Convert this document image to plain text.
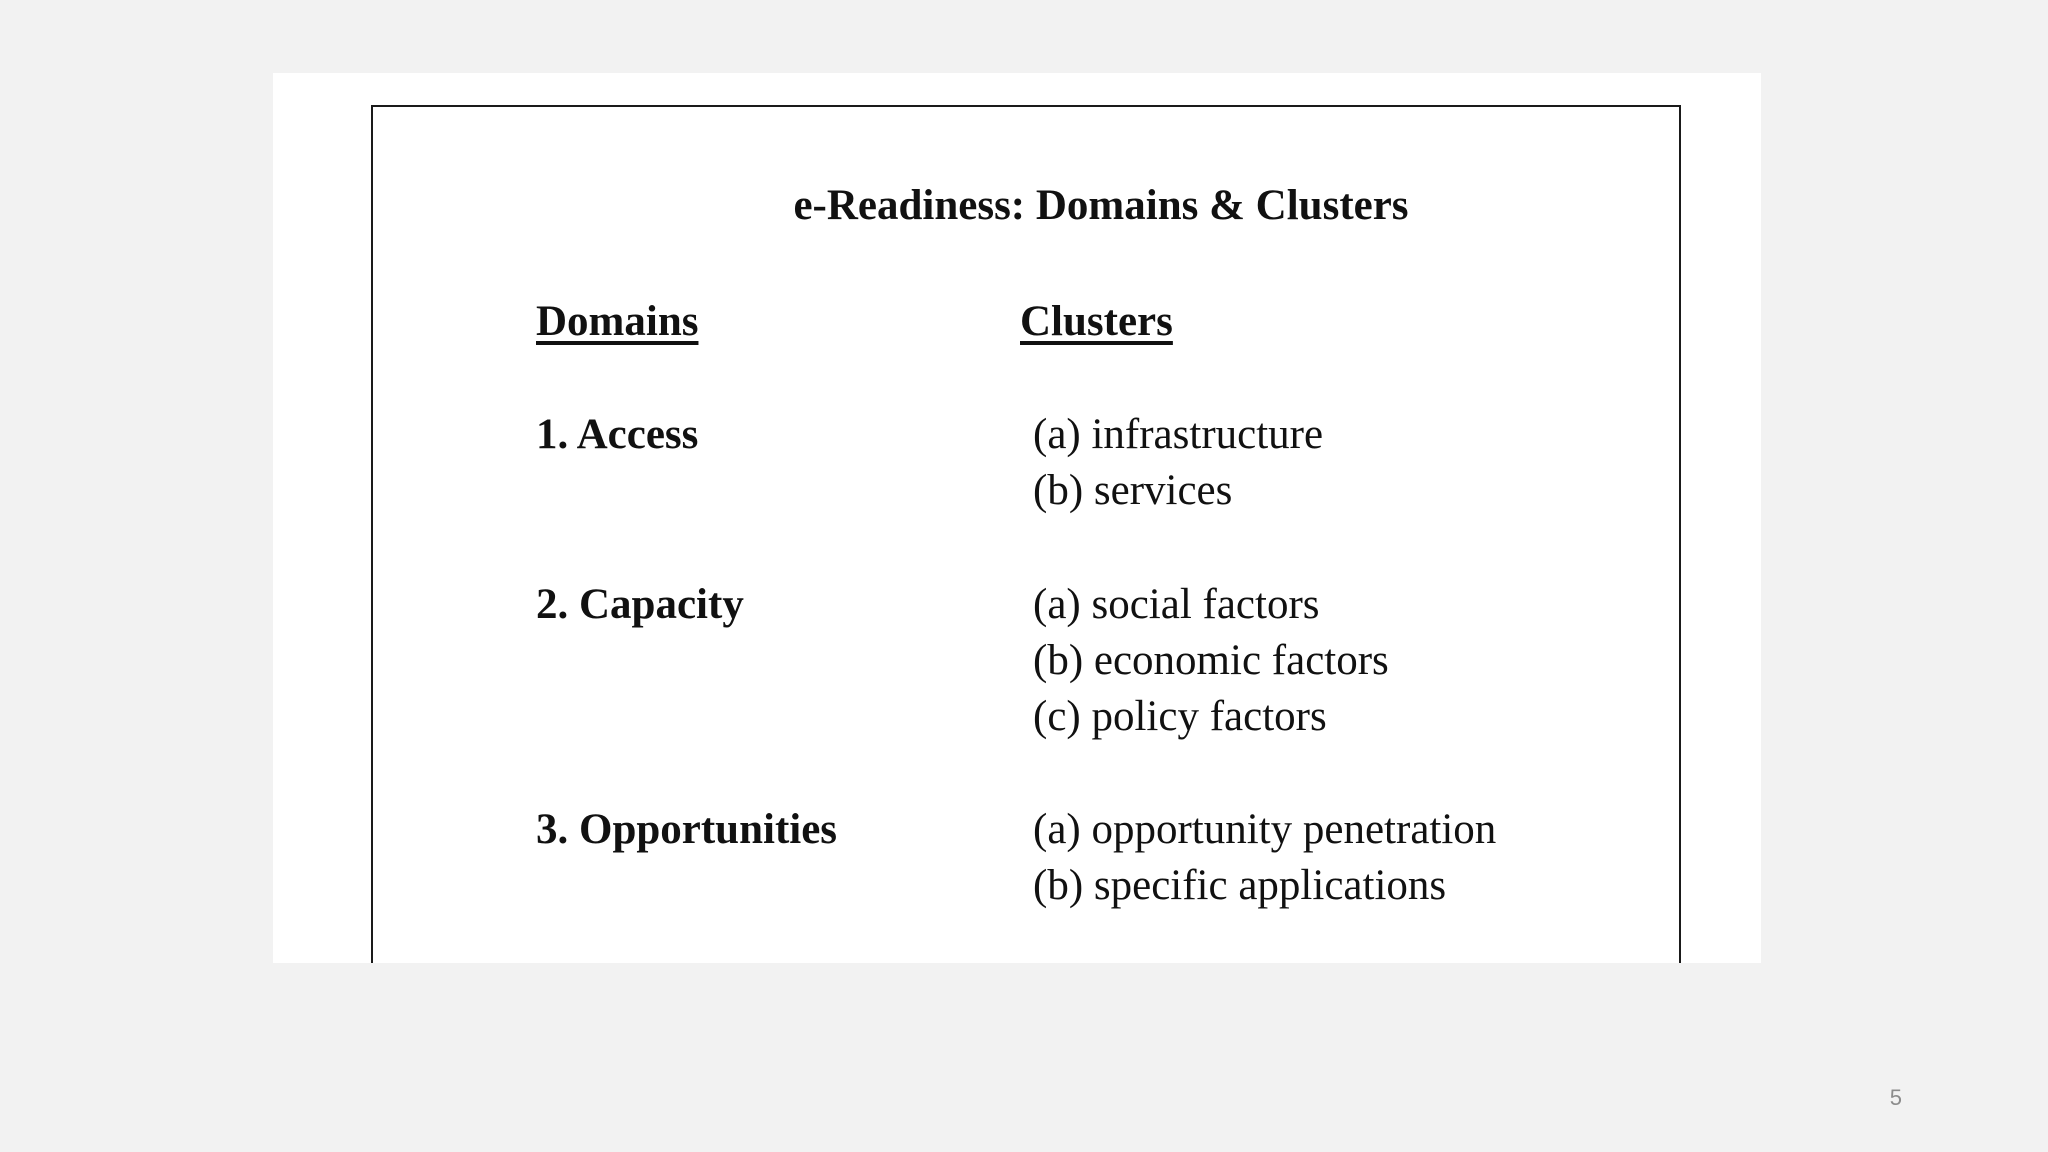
e-Readiness: Domains & Clusters
Domains	Clusters
1. Access	(a) infrastructure
(b) services
2. Capacity	(a) social factors
(b) economic factors
(c) policy factors
3. Opportunities	(a) opportunity penetration
(b) specific applications
5
